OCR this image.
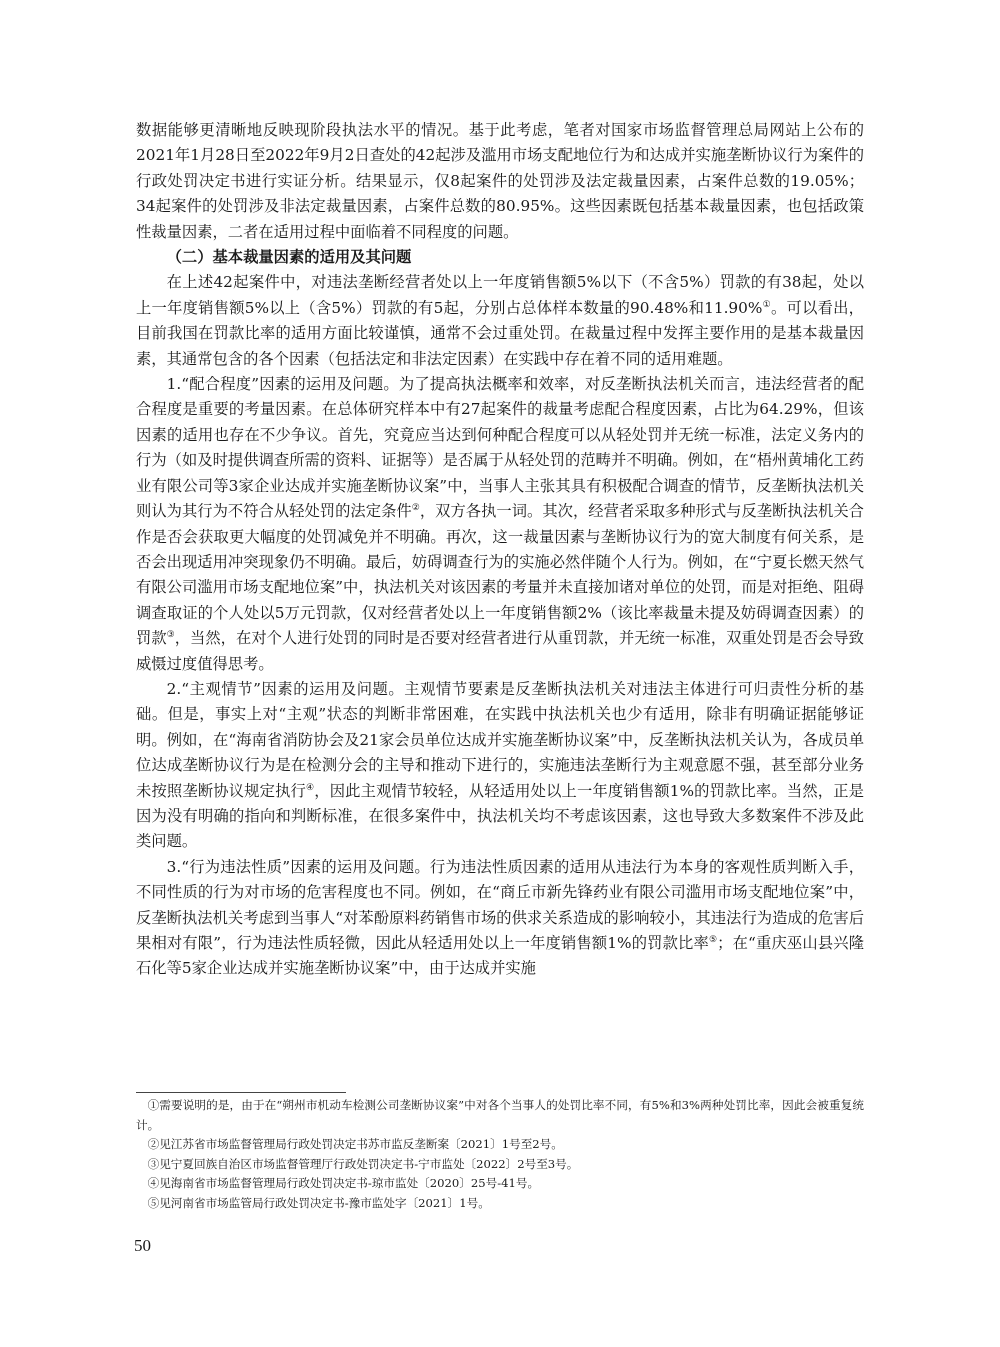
数据能够更清晰地反映现阶段执法水平的情况。基于此考虑，笔者对国家市场监督管理总局网站上公布的2021年1月28日至2022年9月2日查处的42起涉及滥用市场支配地位行为和达成并实施垄断协议行为案件的行政处罚决定书进行实证分析。结果显示，仅8起案件的处罚涉及法定裁量因素，占案件总数的19.05%；34起案件的处罚涉及非法定裁量因素，占案件总数的80.95%。这些因素既包括基本裁量因素，也包括政策性裁量因素，二者在适用过程中面临着不同程度的问题。

（二）基本裁量因素的适用及其问题

在上述42起案件中，对违法垄断经营者处以上一年度销售额5%以下（不含5%）罚款的有38起，处以上一年度销售额5%以上（含5%）罚款的有5起，分别占总体样本数量的90.48%和11.90%①。可以看出，目前我国在罚款比率的适用方面比较谨慎，通常不会过重处罚。在裁量过程中发挥主要作用的是基本裁量因素，其通常包含的各个因素（包括法定和非法定因素）在实践中存在着不同的适用难题。

1.“配合程度”因素的运用及问题。为了提高执法概率和效率，对反垄断执法机关而言，违法经营者的配合程度是重要的考量因素。在总体研究样本中有27起案件的裁量考虑配合程度因素，占比为64.29%，但该因素的适用也存在不少争议。首先，究竟应当达到何种配合程度可以从轻处罚并无统一标准，法定义务内的行为（如及时提供调查所需的资料、证据等）是否属于从轻处罚的范畴并不明确。例如，在“梧州黄埔化工药业有限公司等3家企业达成并实施垄断协议案”中，当事人主张其具有积极配合调查的情节，反垄断执法机关则认为其行为不符合从轻处罚的法定条件②，双方各执一词。其次，经营者采取多种形式与反垄断执法机关合作是否会获取更大幅度的处罚减免并不明确。再次，这一裁量因素与垄断协议行为的宽大制度有何关系，是否会出现适用冲突现象仍不明确。最后，妨碍调查行为的实施必然伴随个人行为。例如，在“宁夏长燃天然气有限公司滥用市场支配地位案”中，执法机关对该因素的考量并未直接加诸对单位的处罚，而是对拒绝、阻碍调查取证的个人处以5万元罚款，仅对经营者处以上一年度销售额2%（该比率裁量未提及妨碍调查因素）的罚款③，当然，在对个人进行处罚的同时是否要对经营者进行从重罚款，并无统一标准，双重处罚是否会导致威慑过度值得思考。

2.“主观情节”因素的运用及问题。主观情节要素是反垄断执法机关对违法主体进行可归责性分析的基础。但是，事实上对“主观”状态的判断非常困难，在实践中执法机关也少有适用，除非有明确证据能够证明。例如，在“海南省消防协会及21家会员单位达成并实施垄断协议案”中，反垄断执法机关认为，各成员单位达成垄断协议行为是在检测分会的主导和推动下进行的，实施违法垄断行为主观意愿不强，甚至部分业务未按照垄断协议规定执行④，因此主观情节较轻，从轻适用处以上一年度销售额1%的罚款比率。当然，正是因为没有明确的指向和判断标准，在很多案件中，执法机关均不考虑该因素，这也导致大多数案件不涉及此类问题。

3.“行为违法性质”因素的运用及问题。行为违法性质因素的适用从违法行为本身的客观性质判断入手，不同性质的行为对市场的危害程度也不同。例如，在“商丘市新先锋药业有限公司滥用市场支配地位案”中，反垄断执法机关考虑到当事人“对苯酚原料药销售市场的供求关系造成的影响较小，其违法行为造成的危害后果相对有限”，行为违法性质轻微，因此从轻适用处以上一年度销售额1%的罚款比率⑤；在“重庆巫山县兴隆石化等5家企业达成并实施垄断协议案”中，由于达成并实施

①需要说明的是，由于在“朔州市机动车检测公司垄断协议案”中对各个当事人的处罚比率不同，有5%和3%两种处罚比率，因此会被重复统计。

②见江苏省市场监督管理局行政处罚决定书苏市监反垄断案〔2021〕1号至2号。

③见宁夏回族自治区市场监督管理厅行政处罚决定书-宁市监处〔2022〕2号至3号。

④见海南省市场监督管理局行政处罚决定书-琼市监处〔2020〕25号-41号。

⑤见河南省市场监管局行政处罚决定书-豫市监处字〔2021〕1号。

50
